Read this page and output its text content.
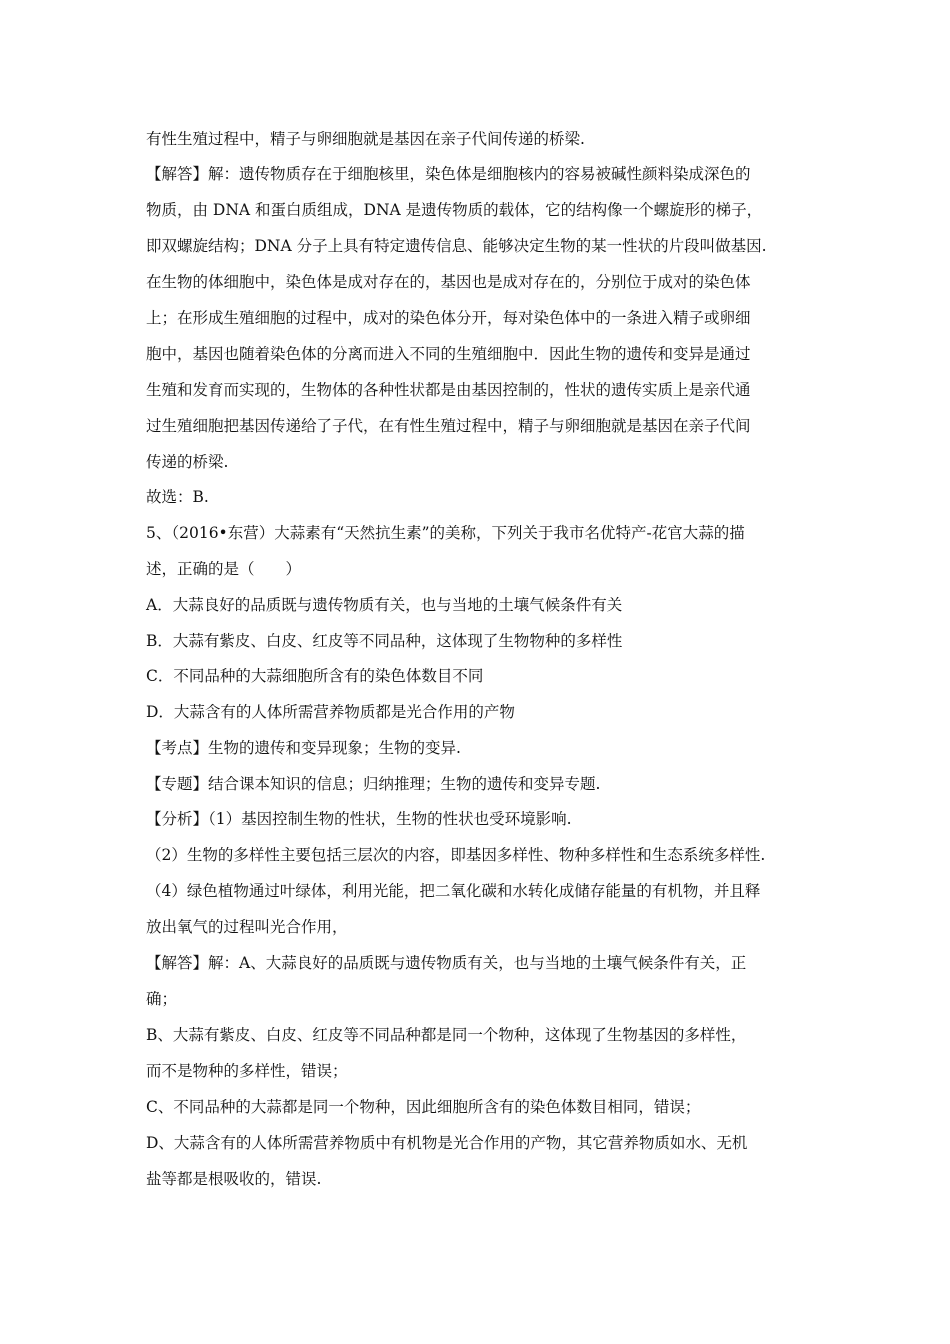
有性生殖过程中，精子与卵细胞就是基因在亲子代间传递的桥梁.
【解答】解：遗传物质存在于细胞核里，染色体是细胞核内的容易被碱性颜料染成深色的
物质，由 DNA 和蛋白质组成，DNA 是遗传物质的载体，它的结构像一个螺旋形的梯子，
即双螺旋结构；DNA 分子上具有特定遗传信息、能够决定生物的某一性状的片段叫做基因.
在生物的体细胞中，染色体是成对存在的，基因也是成对存在的，分别位于成对的染色体
上；在形成生殖细胞的过程中，成对的染色体分开，每对染色体中的一条进入精子或卵细
胞中，基因也随着染色体的分离而进入不同的生殖细胞中．因此生物的遗传和变异是通过
生殖和发育而实现的，生物体的各种性状都是由基因控制的，性状的遗传实质上是亲代通
过生殖细胞把基因传递给了子代，在有性生殖过程中，精子与卵细胞就是基因在亲子代间
传递的桥梁.
故选：B.
5、（2016•东营）大蒜素有“天然抗生素”的美称，下列关于我市名优特产-花官大蒜的描
述，正确的是（　　）
A．大蒜良好的品质既与遗传物质有关，也与当地的土壤气候条件有关
B．大蒜有紫皮、白皮、红皮等不同品种，这体现了生物物种的多样性
C．不同品种的大蒜细胞所含有的染色体数目不同
D．大蒜含有的人体所需营养物质都是光合作用的产物
【考点】生物的遗传和变异现象；生物的变异.
【专题】结合课本知识的信息；归纳推理；生物的遗传和变异专题.
【分析】（1）基因控制生物的性状，生物的性状也受环境影响.
（2）生物的多样性主要包括三层次的内容，即基因多样性、物种多样性和生态系统多样性.
（4）绿色植物通过叶绿体，利用光能，把二氧化碳和水转化成储存能量的有机物，并且释
放出氧气的过程叫光合作用，
【解答】解：A、大蒜良好的品质既与遗传物质有关，也与当地的土壤气候条件有关，正
确；
B、大蒜有紫皮、白皮、红皮等不同品种都是同一个物种，这体现了生物基因的多样性，
而不是物种的多样性，错误；
C、不同品种的大蒜都是同一个物种，因此细胞所含有的染色体数目相同，错误；
D、大蒜含有的人体所需营养物质中有机物是光合作用的产物，其它营养物质如水、无机
盐等都是根吸收的，错误.
